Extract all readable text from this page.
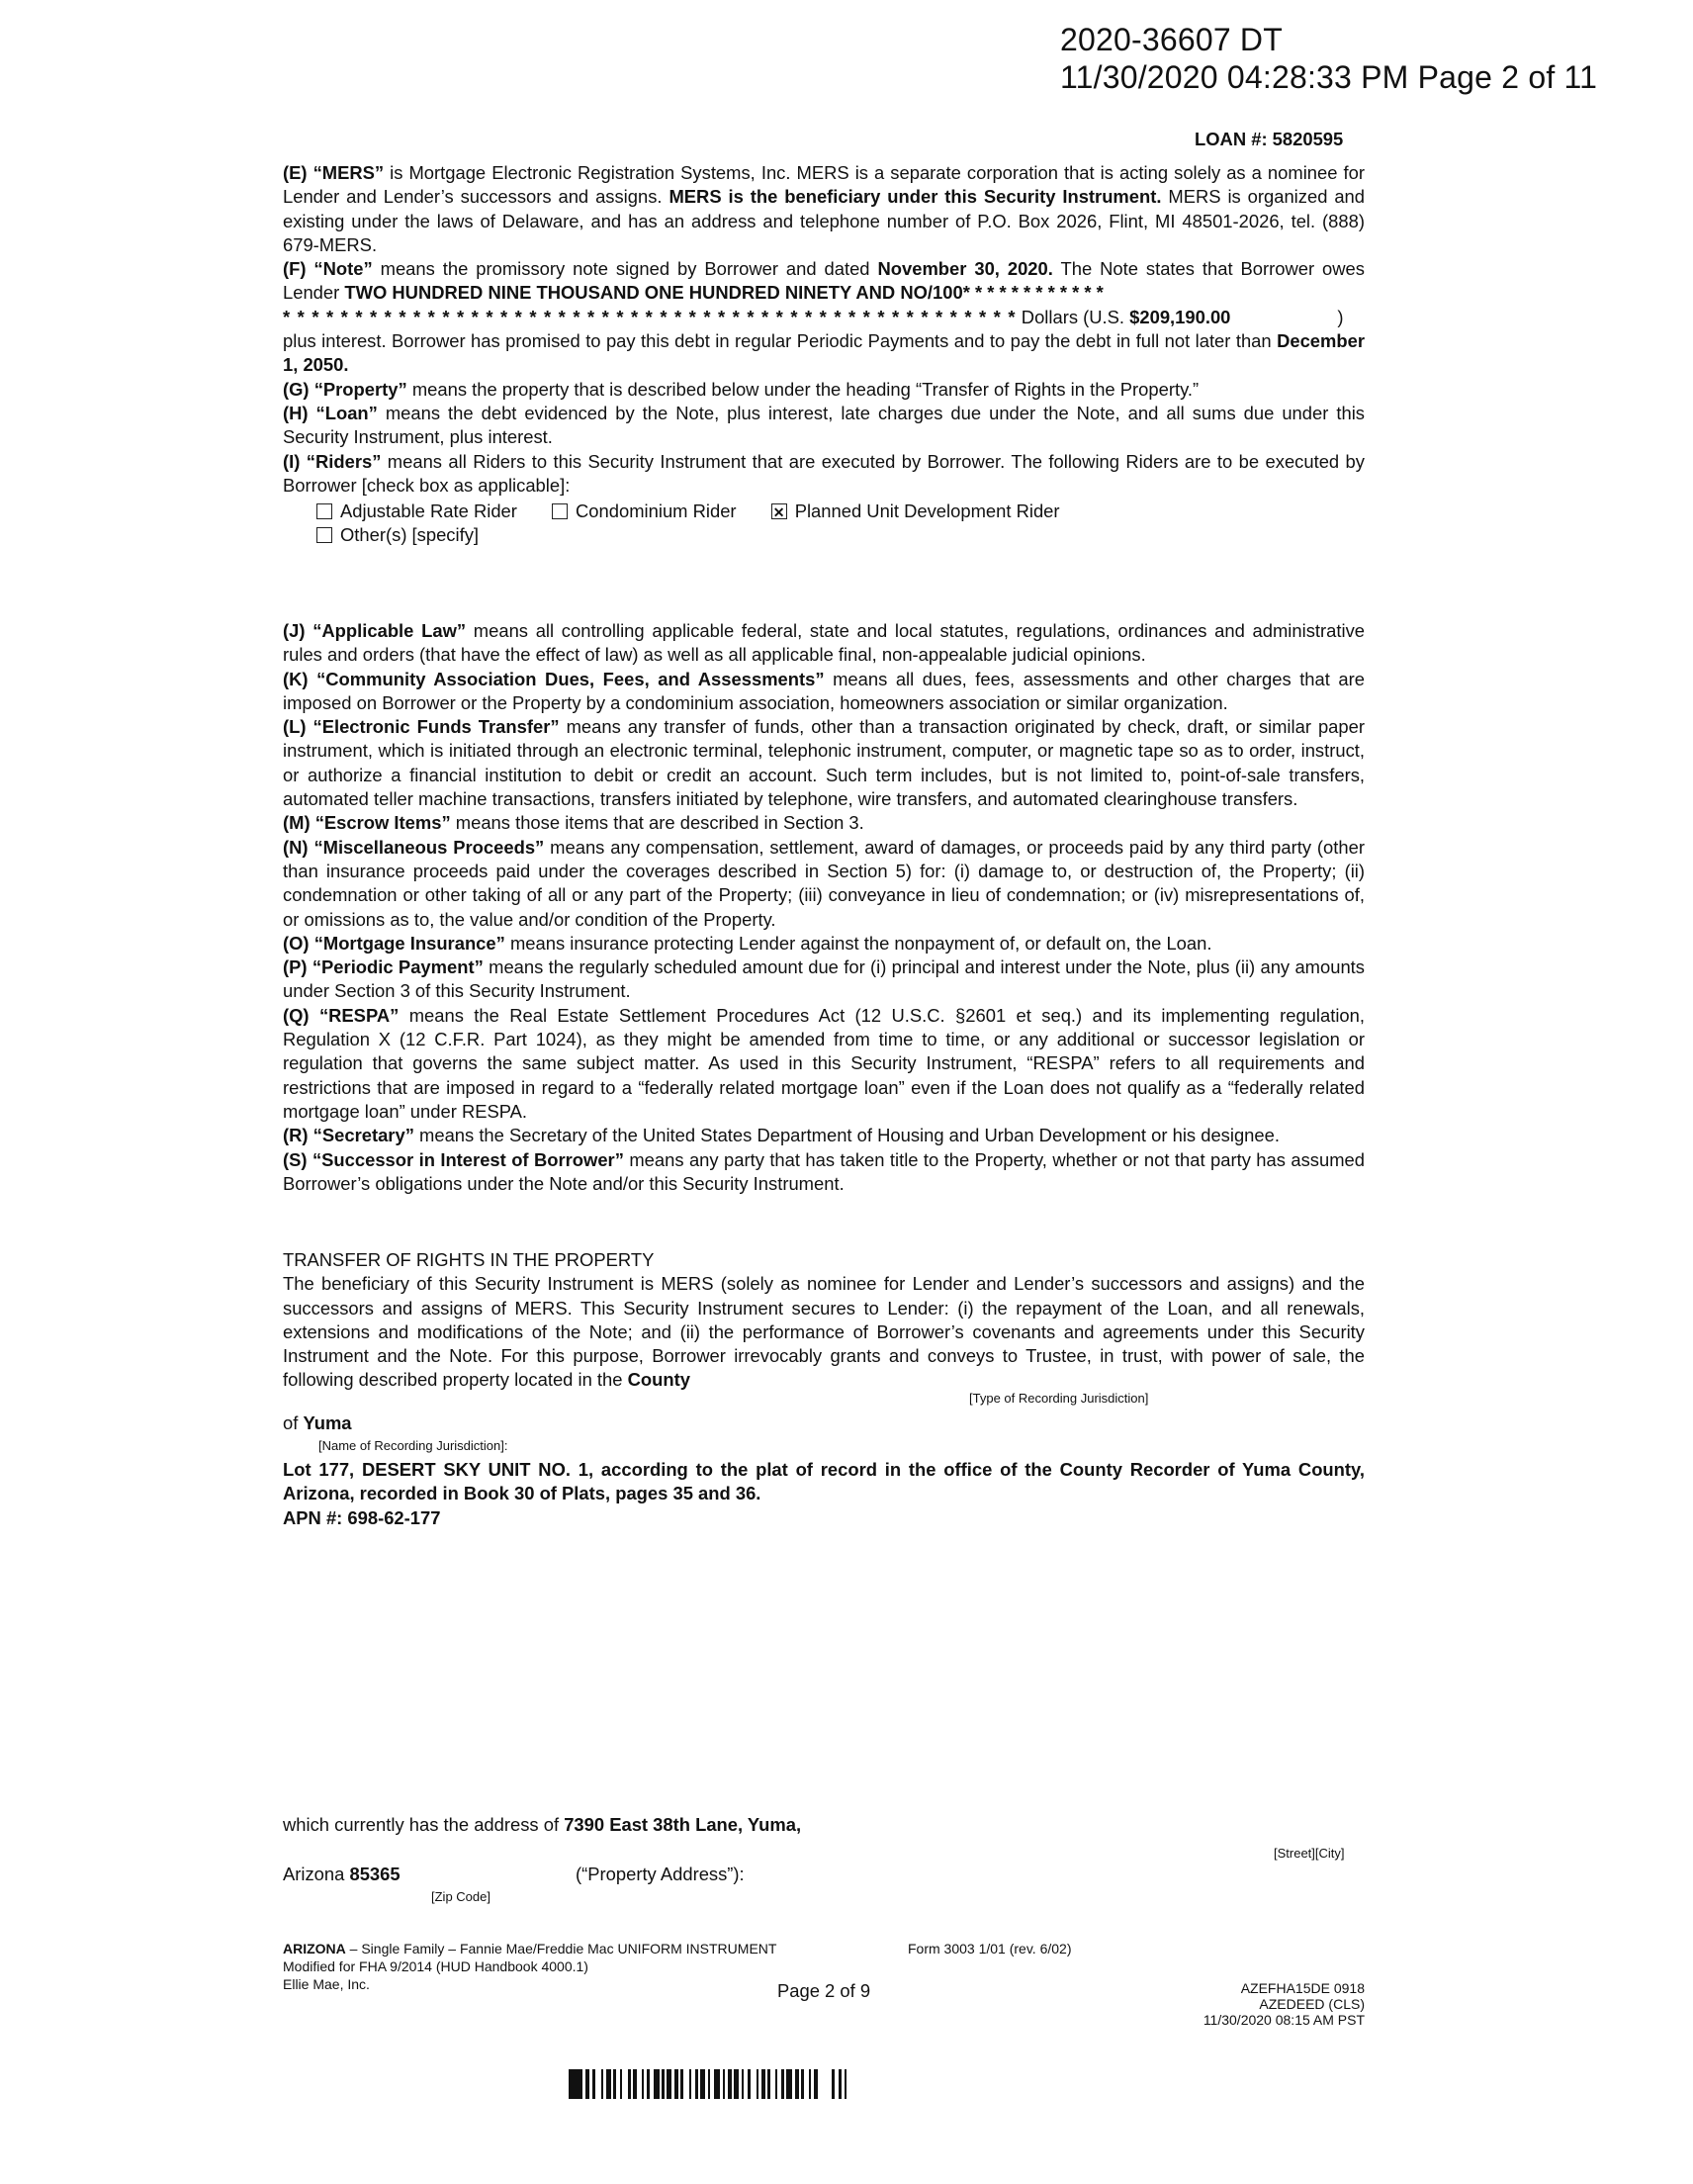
2020-36607 DT
11/30/2020 04:28:33 PM Page 2 of 11
LOAN #: 5820595

(E) “MERS” is Mortgage Electronic Registration Systems, Inc. MERS is a separate corporation that is acting solely as a nominee for Lender and Lender’s successors and assigns. MERS is the beneficiary under this Security Instrument. MERS is organized and existing under the laws of Delaware, and has an address and telephone number of P.O. Box 2026, Flint, MI 48501-2026, tel. (888) 679-MERS.

(F) “Note” means the promissory note signed by Borrower and dated November 30, 2020. The Note states that Borrower owes Lender TWO HUNDRED NINE THOUSAND ONE HUNDRED NINETY AND NO/100* * * * * * * * * * * *

* * * * * * * * * * * * * * * * * * * * * * * * * * * * * * * * * * * * * * * * * * * * * * * * * * * Dollars (U.S. $209,190.00	)

plus interest. Borrower has promised to pay this debt in regular Periodic Payments and to pay the debt in full not later than December 1, 2050.

(G) “Property” means the property that is described below under the heading “Transfer of Rights in the Property.”

(H) “Loan” means the debt evidenced by the Note, plus interest, late charges due under the Note, and all sums due under this Security Instrument, plus interest.

(I) “Riders” means all Riders to this Security Instrument that are executed by Borrower. The following Riders are to be executed by Borrower [check box as applicable]:

Adjustable Rate Rider	Condominium Rider ✕	Planned Unit Development Rider
Other(s) [specify]

(J) “Applicable Law” means all controlling applicable federal, state and local statutes, regulations, ordinances and administrative rules and orders (that have the effect of law) as well as all applicable final, non-appealable judicial opinions.

(K) “Community Association Dues, Fees, and Assessments” means all dues, fees, assessments and other charges that are imposed on Borrower or the Property by a condominium association, homeowners association or similar organization.

(L) “Electronic Funds Transfer” means any transfer of funds, other than a transaction originated by check, draft, or similar paper instrument, which is initiated through an electronic terminal, telephonic instrument, computer, or magnetic tape so as to order, instruct, or authorize a financial institution to debit or credit an account. Such term includes, but is not limited to, point-of-sale transfers, automated teller machine transactions, transfers initiated by telephone, wire transfers, and automated clearinghouse transfers.

(M) “Escrow Items” means those items that are described in Section 3.

(N) “Miscellaneous Proceeds” means any compensation, settlement, award of damages, or proceeds paid by any third party (other than insurance proceeds paid under the coverages described in Section 5) for: (i) damage to, or destruction of, the Property; (ii) condemnation or other taking of all or any part of the Property; (iii) conveyance in lieu of condemnation; or (iv) misrepresentations of, or omissions as to, the value and/or condition of the Property.

(O) “Mortgage Insurance” means insurance protecting Lender against the nonpayment of, or default on, the Loan.

(P) “Periodic Payment” means the regularly scheduled amount due for (i) principal and interest under the Note, plus (ii) any amounts under Section 3 of this Security Instrument.

(Q) “RESPA” means the Real Estate Settlement Procedures Act (12 U.S.C. §2601 et seq.) and its implementing regulation, Regulation X (12 C.F.R. Part 1024), as they might be amended from time to time, or any additional or successor legislation or regulation that governs the same subject matter. As used in this Security Instrument, “RESPA” refers to all requirements and restrictions that are imposed in regard to a “federally related mortgage loan” even if the Loan does not qualify as a “federally related mortgage loan” under RESPA.

(R) “Secretary” means the Secretary of the United States Department of Housing and Urban Development or his designee.

(S) “Successor in Interest of Borrower” means any party that has taken title to the Property, whether or not that party has assumed Borrower’s obligations under the Note and/or this Security Instrument.

TRANSFER OF RIGHTS IN THE PROPERTY

The beneficiary of this Security Instrument is MERS (solely as nominee for Lender and Lender’s successors and assigns) and the successors and assigns of MERS. This Security Instrument secures to Lender: (i) the repayment of the Loan, and all renewals, extensions and modifications of the Note; and (ii) the performance of Borrower’s covenants and agreements under this Security Instrument and the Note. For this purpose, Borrower irrevocably grants and conveys to Trustee, in trust, with power of sale, the following described property located in the County

[Type of Recording Jurisdiction]
of Yuma
[Name of Recording Jurisdiction]:

Lot 177, DESERT SKY UNIT NO. 1, according to the plat of record in the office of the County Recorder of Yuma County, Arizona, recorded in Book 30 of Plats, pages 35 and 36.

APN #: 698-62-177

which currently has the address of 7390 East 38th Lane, Yuma,
[Street][City]
Arizona 85365	(“Property Address”):
[Zip Code]
ARIZONA – Single Family – Fannie Mae/Freddie Mac UNIFORM INSTRUMENT	Form 3003 1/01 (rev. 6/02)
Modified for FHA 9/2014 (HUD Handbook 4000.1)
Ellie Mae, Inc.	Page 2 of 9	AZEFHA15DE 0918
AZEDEED (CLS)
11/30/2020 08:15 AM PST
